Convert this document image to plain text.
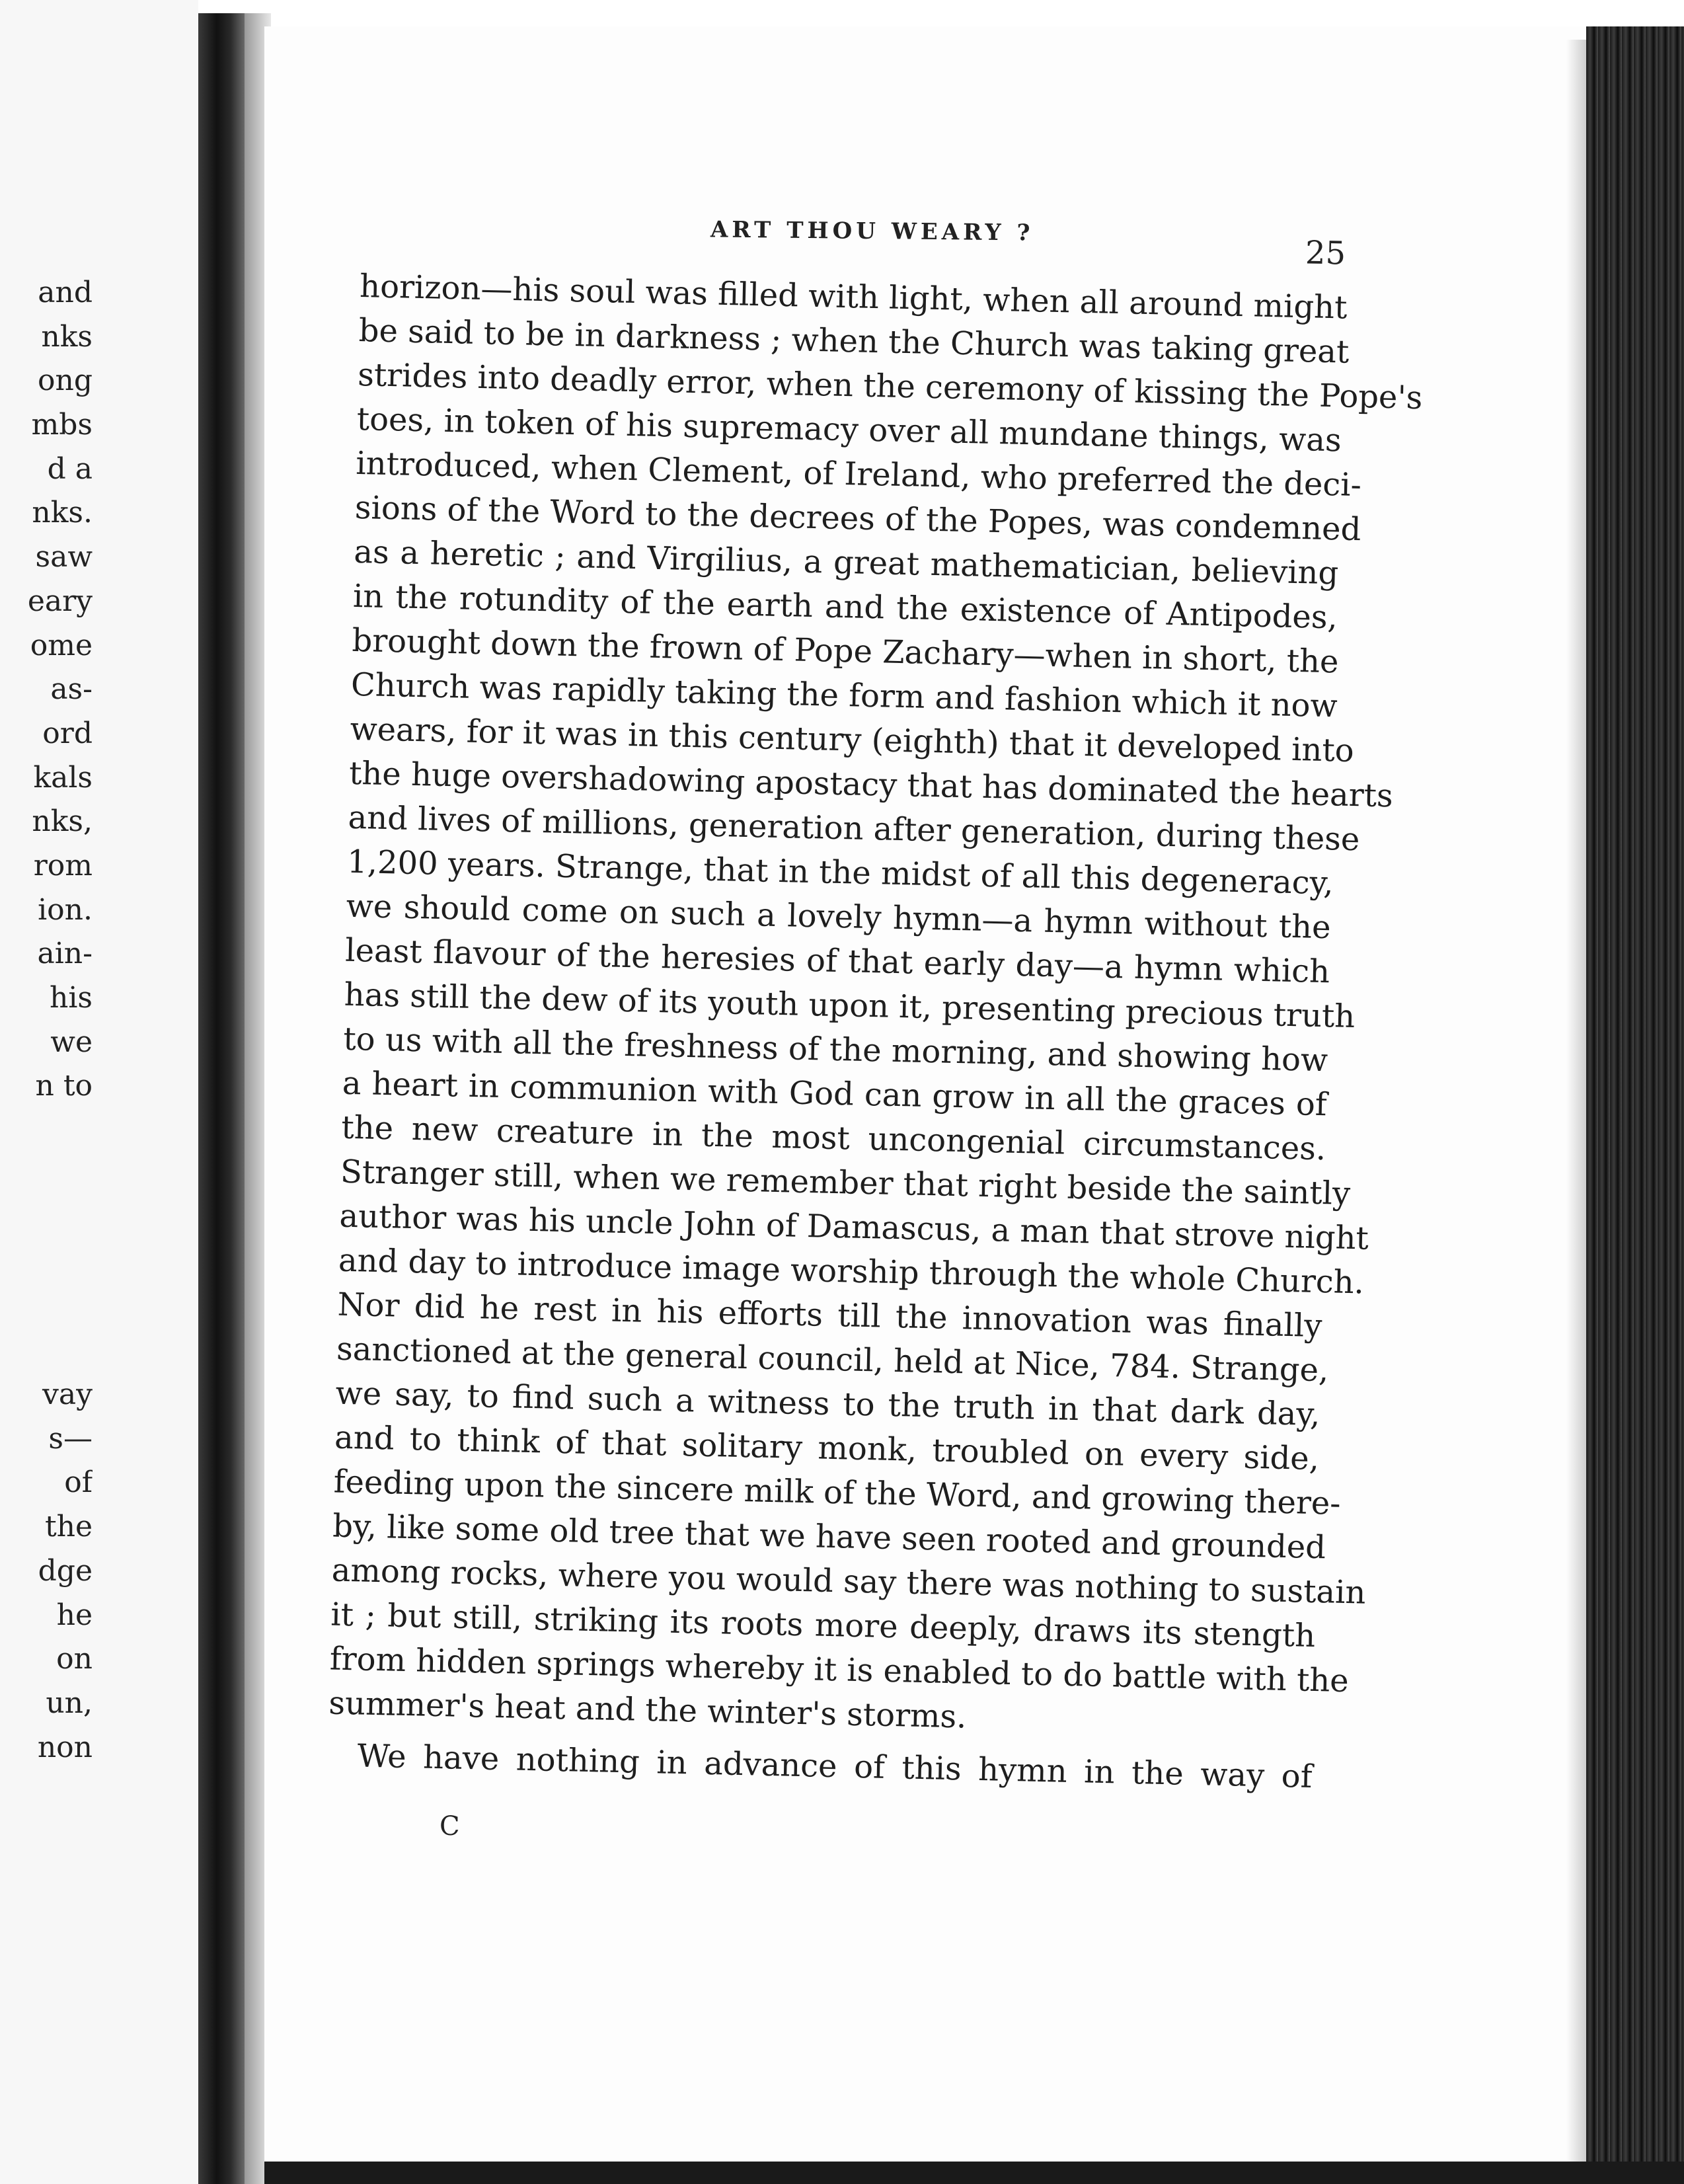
and
nks
ong
mbs
d a
nks.
saw
eary
ome
as-
ord
kals
nks,
rom
ion.
ain-
his
we
n to
vay
s—
of
the
dge
he
on
un,
non
ART THOU WEARY ?
25
horizon—his soul was filled with light, when all around might
be said to be in darkness ; when the Church was taking great
strides into deadly error, when the ceremony of kissing the Pope's
toes, in token of his supremacy over all mundane things, was
introduced, when Clement, of Ireland, who preferred the deci-
sions of the Word to the decrees of the Popes, was condemned
as a heretic ; and Virgilius, a great mathematician, believing
in the rotundity of the earth and the existence of Antipodes,
brought down the frown of Pope Zachary—when in short, the
Church was rapidly taking the form and fashion which it now
wears, for it was in this century (eighth) that it developed into
the huge overshadowing apostacy that has dominated the hearts
and lives of millions, generation after generation, during these
1,200 years. Strange, that in the midst of all this degeneracy,
we should come on such a lovely hymn—a hymn without the
least flavour of the heresies of that early day—a hymn which
has still the dew of its youth upon it, presenting precious truth
to us with all the freshness of the morning, and showing how
a heart in communion with God can grow in all the graces of
the new creature in the most uncongenial circumstances.
Stranger still, when we remember that right beside the saintly
author was his uncle John of Damascus, a man that strove night
and day to introduce image worship through the whole Church.
Nor did he rest in his efforts till the innovation was finally
sanctioned at the general council, held at Nice, 784. Strange,
we say, to find such a witness to the truth in that dark day,
and to think of that solitary monk, troubled on every side,
feeding upon the sincere milk of the Word, and growing there-
by, like some old tree that we have seen rooted and grounded
among rocks, where you would say there was nothing to sustain
it ; but still, striking its roots more deeply, draws its stength
from hidden springs whereby it is enabled to do battle with the
summer's heat and the winter's storms.
We have nothing in advance of this hymn in the way of
C
